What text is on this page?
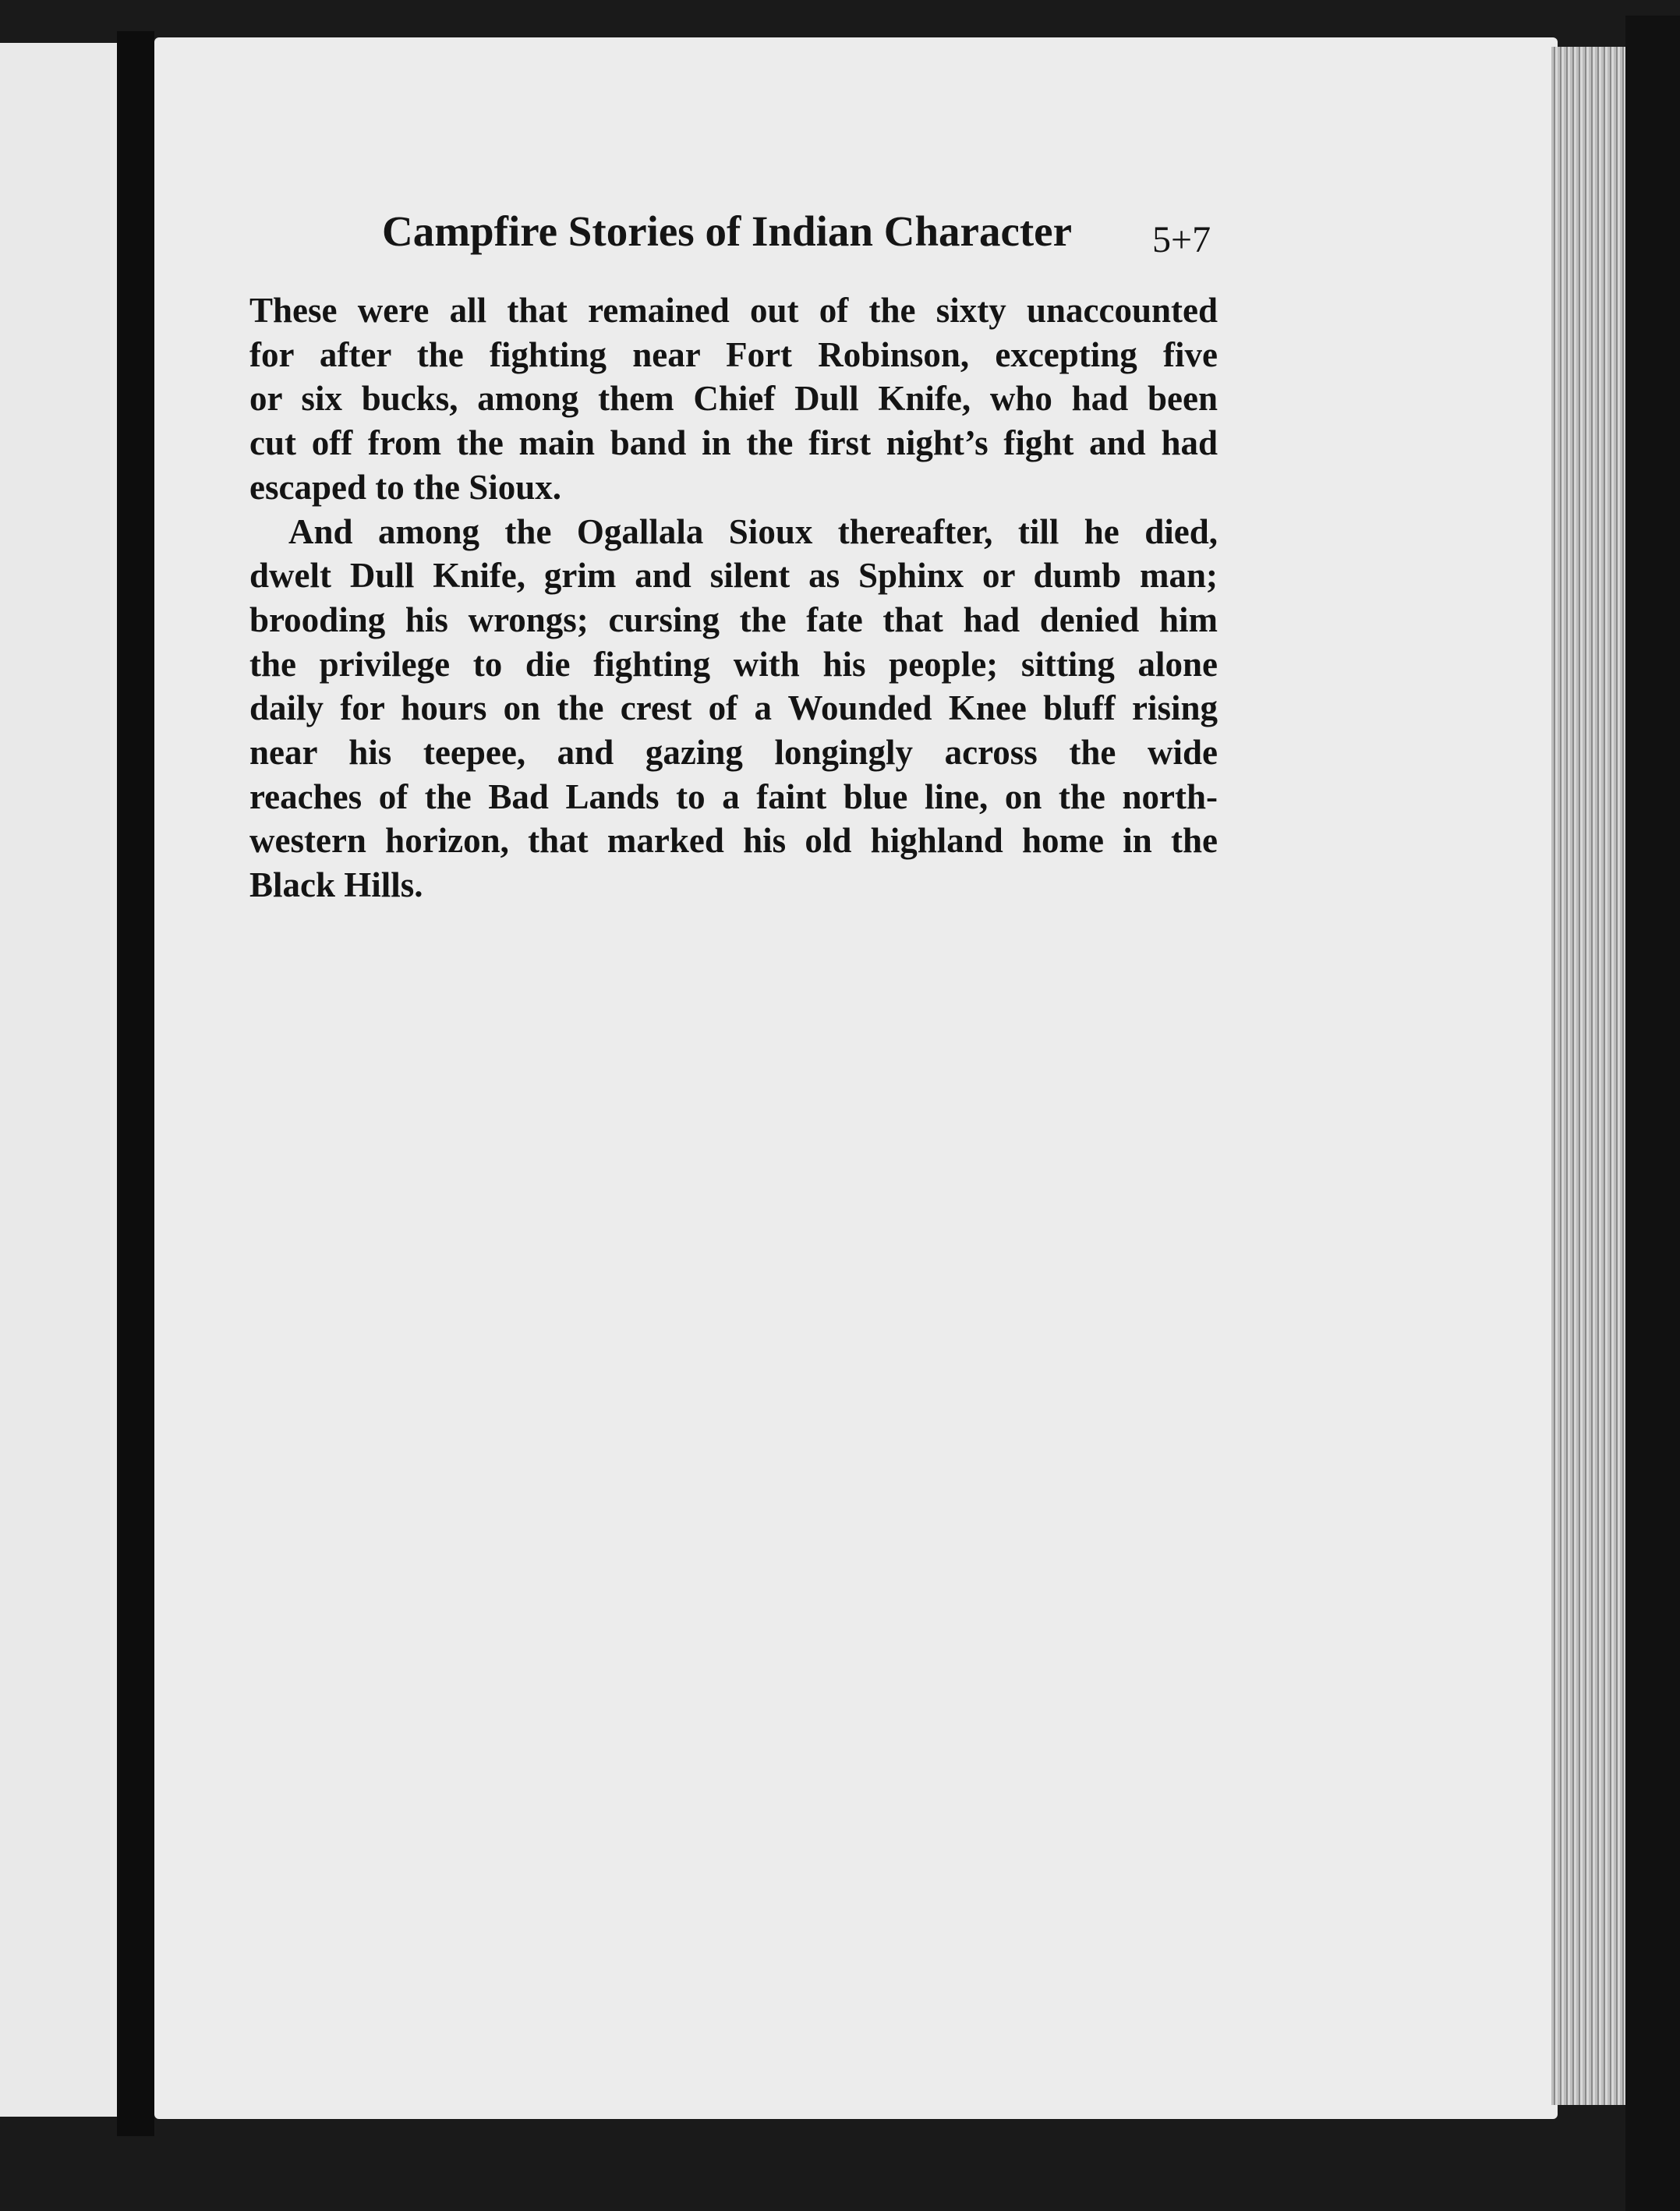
Campfire Stories of Indian Character	5+7
These were all that remained out of the sixty unaccounted
for after the fighting near Fort Robinson, excepting five
or six bucks, among them Chief Dull Knife, who had been
cut off from the main band in the first night’s fight and had
escaped to the Sioux.
And among the Ogallala Sioux thereafter, till he died,
dwelt Dull Knife, grim and silent as Sphinx or dumb man;
brooding his wrongs; cursing the fate that had denied him
the privilege to die fighting with his people; sitting alone
daily for hours on the crest of a Wounded Knee bluff rising
near his teepee, and gazing longingly across the wide
reaches of the Bad Lands to a faint blue line, on the north-
western horizon, that marked his old highland home in the
Black Hills.
